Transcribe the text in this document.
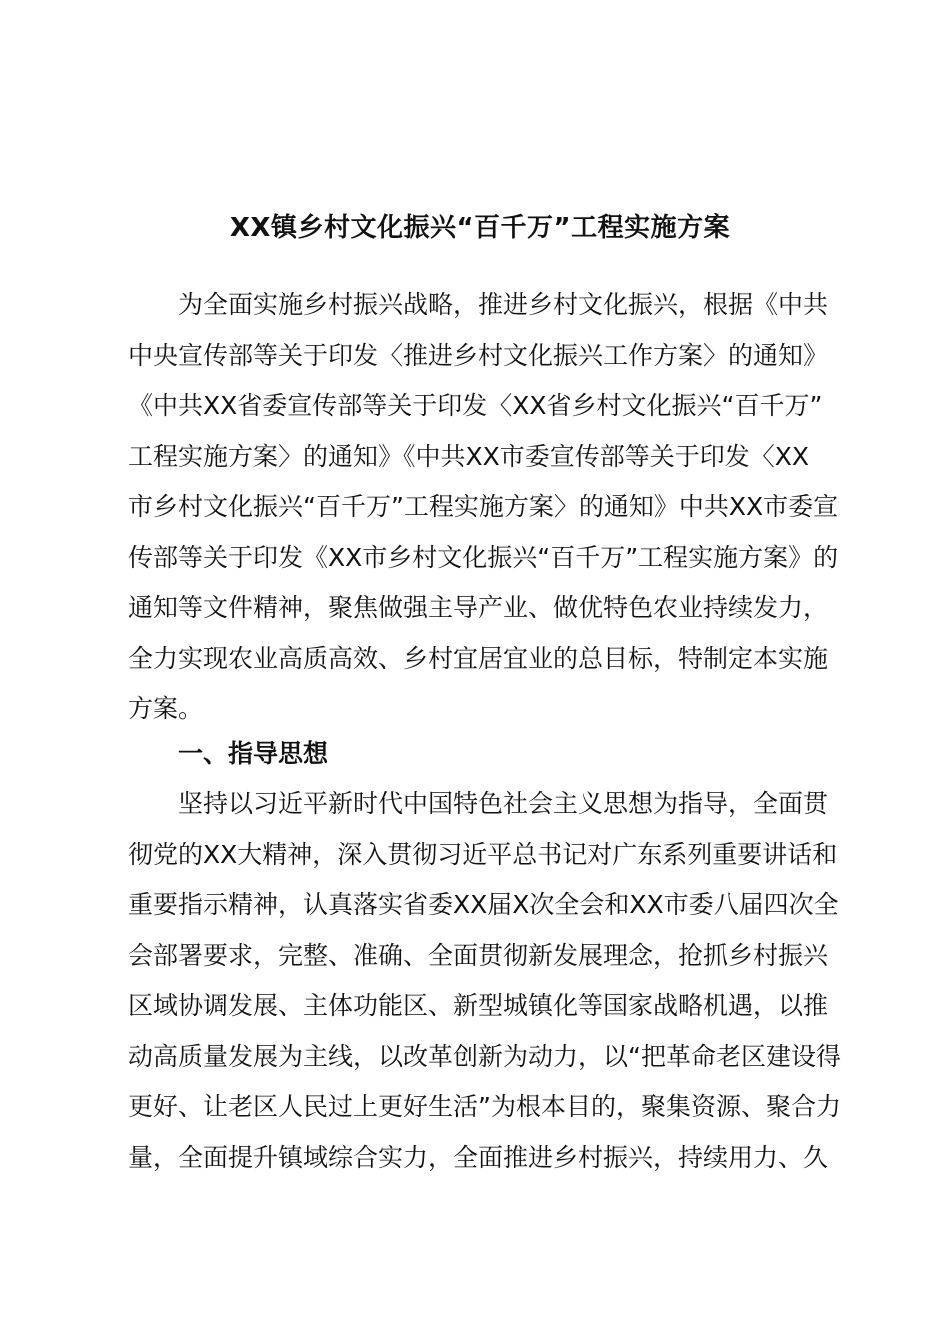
XX镇乡村文化振兴“百千万”工程实施方案
为全面实施乡村振兴战略，推进乡村文化振兴，根据《中共
中央宣传部等关于印发〈推进乡村文化振兴工作方案〉的通知》
《中共XX省委宣传部等关于印发〈XX省乡村文化振兴“百千万”
工程实施方案〉的通知》《中共XX市委宣传部等关于印发〈XX
市乡村文化振兴“百千万”工程实施方案〉的通知》中共XX市委宣
传部等关于印发《XX市乡村文化振兴“百千万”工程实施方案》的
通知等文件精神，聚焦做强主导产业、做优特色农业持续发力，
全力实现农业高质高效、乡村宜居宜业的总目标，特制定本实施
方案。
一、指导思想
坚持以习近平新时代中国特色社会主义思想为指导，全面贯
彻党的XX大精神，深入贯彻习近平总书记对广东系列重要讲话和
重要指示精神，认真落实省委XX届X次全会和XX市委八届四次全
会部署要求，完整、准确、全面贯彻新发展理念，抢抓乡村振兴
区域协调发展、主体功能区、新型城镇化等国家战略机遇，以推
动高质量发展为主线，以改革创新为动力，以“把革命老区建设得
更好、让老区人民过上更好生活”为根本目的，聚集资源、聚合力
量，全面提升镇域综合实力，全面推进乡村振兴，持续用力、久
